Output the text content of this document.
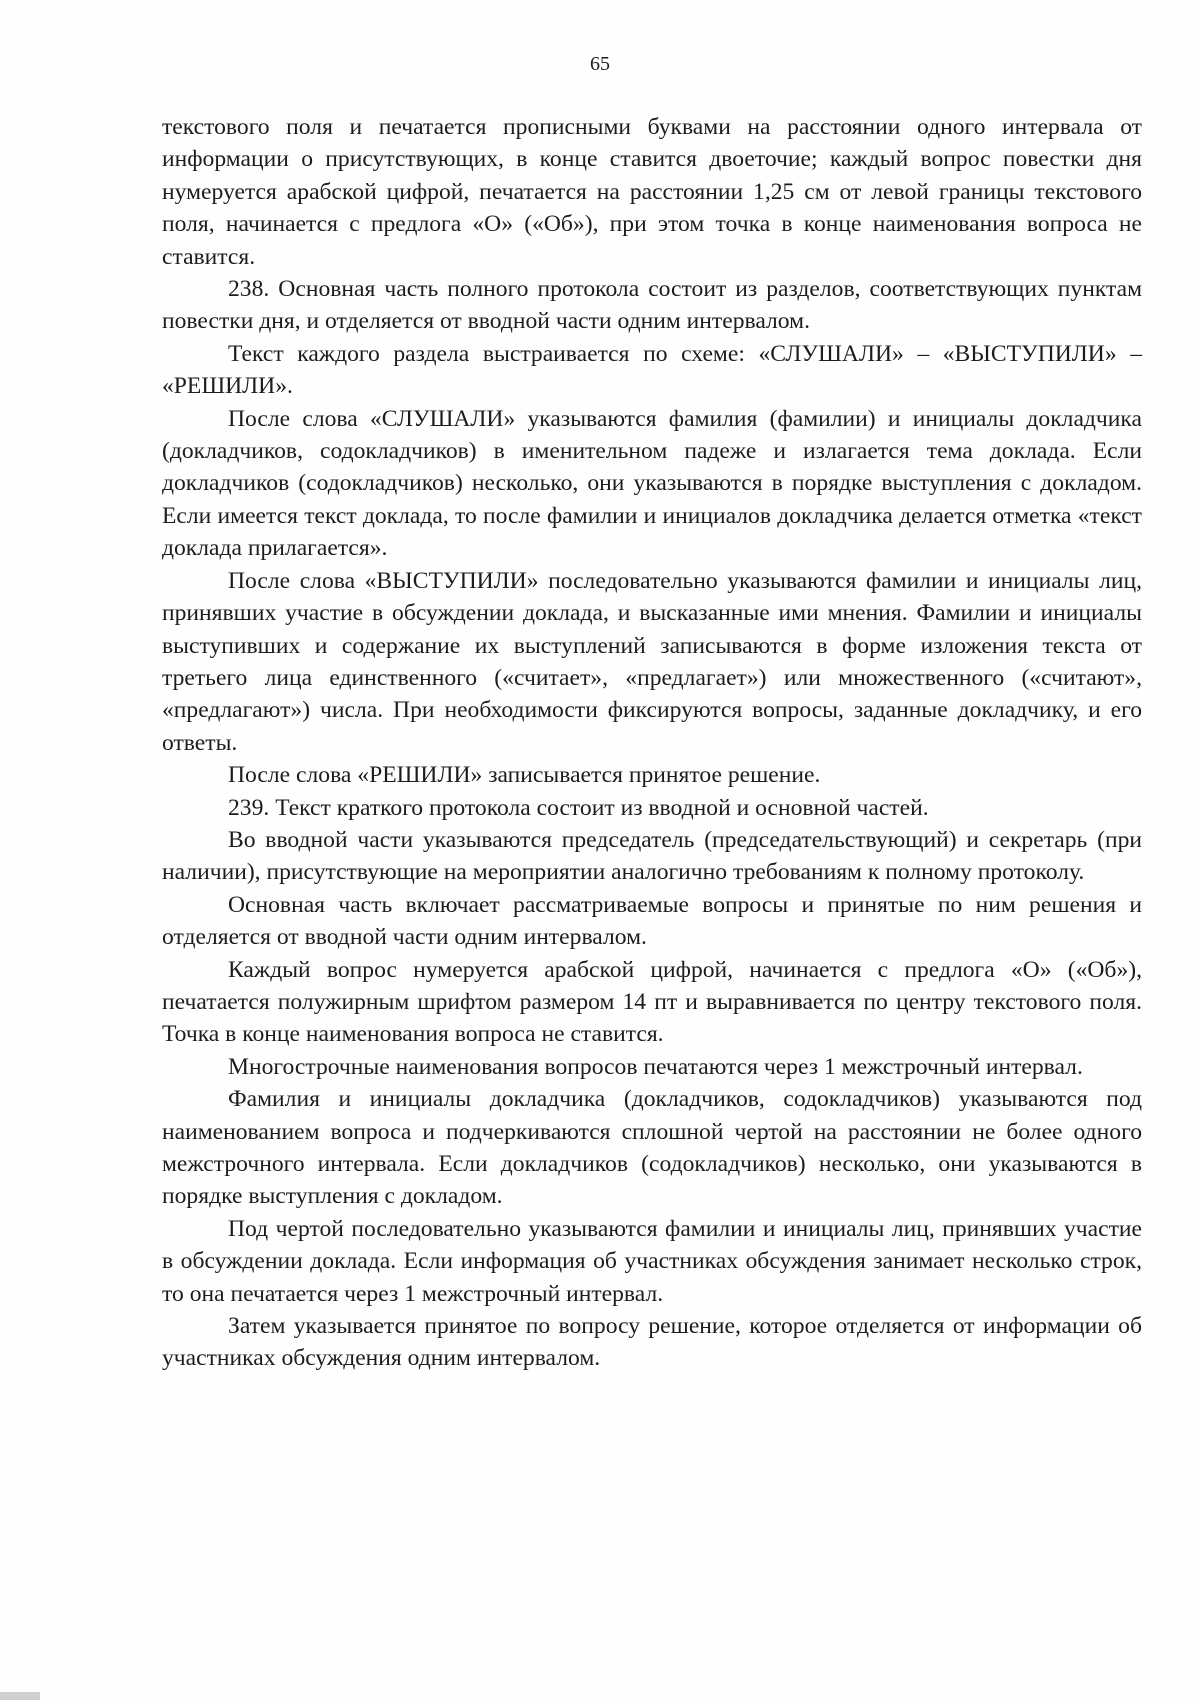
65

текстового поля и печатается прописными буквами на расстоянии одного интервала от информации о присутствующих, в конце ставится двоеточие; каждый вопрос повестки дня нумеруется арабской цифрой, печатается на расстоянии 1,25 см от левой границы текстового поля, начинается с предлога «О» («Об»), при этом точка в конце наименования вопроса не ставится.

238. Основная часть полного протокола состоит из разделов, соответствующих пунктам повестки дня, и отделяется от вводной части одним интервалом.

Текст каждого раздела выстраивается по схеме: «СЛУШАЛИ» – «ВЫСТУПИЛИ» – «РЕШИЛИ».

После слова «СЛУШАЛИ» указываются фамилия (фамилии) и инициалы докладчика (докладчиков, содокладчиков) в именительном падеже и излагается тема доклада. Если докладчиков (содокладчиков) несколько, они указываются в порядке выступления с докладом. Если имеется текст доклада, то после фамилии и инициалов докладчика делается отметка «текст доклада прилагается».

После слова «ВЫСТУПИЛИ» последовательно указываются фамилии и инициалы лиц, принявших участие в обсуждении доклада, и высказанные ими мнения. Фамилии и инициалы выступивших и содержание их выступлений записываются в форме изложения текста от третьего лица единственного («считает», «предлагает») или множественного («считают», «предлагают») числа. При необходимости фиксируются вопросы, заданные докладчику, и его ответы.

После слова «РЕШИЛИ» записывается принятое решение.

239. Текст краткого протокола состоит из вводной и основной частей.

Во вводной части указываются председатель (председательствующий) и секретарь (при наличии), присутствующие на мероприятии аналогично требованиям к полному протоколу.

Основная часть включает рассматриваемые вопросы и принятые по ним решения и отделяется от вводной части одним интервалом.

Каждый вопрос нумеруется арабской цифрой, начинается с предлога «О» («Об»), печатается полужирным шрифтом размером 14 пт и выравнивается по центру текстового поля. Точка в конце наименования вопроса не ставится.

Многострочные наименования вопросов печатаются через 1 межстрочный интервал.

Фамилия и инициалы докладчика (докладчиков, содокладчиков) указываются под наименованием вопроса и подчеркиваются сплошной чертой на расстоянии не более одного межстрочного интервала. Если докладчиков (содокладчиков) несколько, они указываются в порядке выступления с докладом.

Под чертой последовательно указываются фамилии и инициалы лиц, принявших участие в обсуждении доклада. Если информация об участниках обсуждения занимает несколько строк, то она печатается через 1 межстрочный интервал.

Затем указывается принятое по вопросу решение, которое отделяется от информации об участниках обсуждения одним интервалом.
